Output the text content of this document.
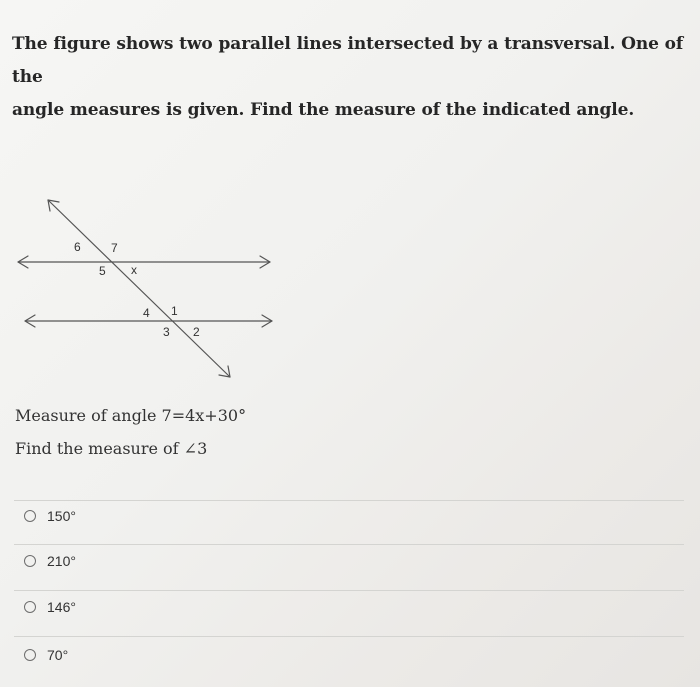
The figure shows two parallel lines intersected by a transversal. One of the
angle measures is given. Find the measure of the indicated angle.
6	7
5 x
4 1
3 2
Measure of angle 7=4x+30°
Find the measure of ∠3
150°
210°
146°
70°
